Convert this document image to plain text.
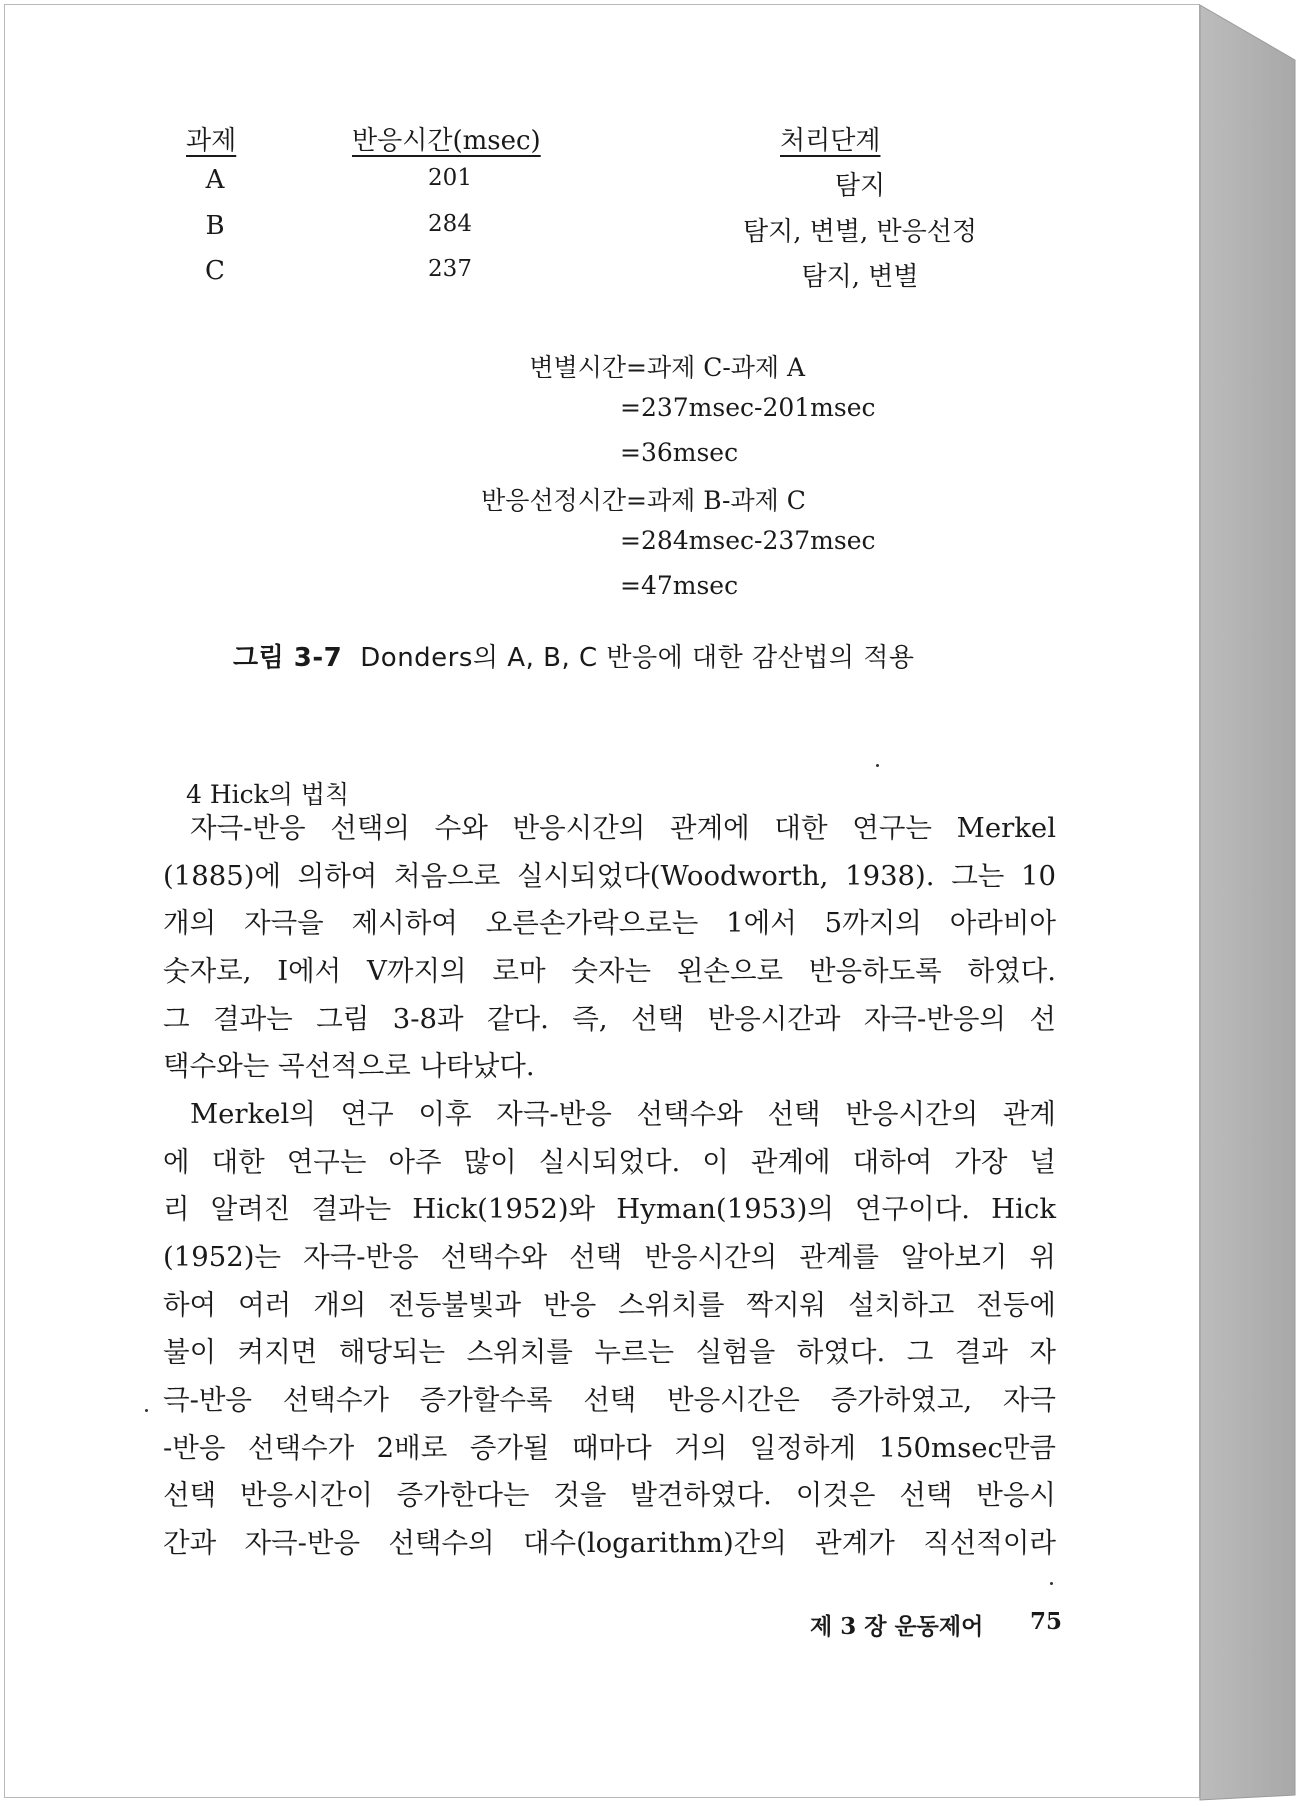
과제	반응시간(msec)	처리단계
A	201	탐지
B	284	탐지, 변별, 반응선정
C	237	탐지, 변별
변별시간 =과제 C-과제 A
=237msec-201msec
=36msec
반응선정시간 =과제 B-과제 C
=284msec-237msec
=47msec
그림 3-7 Donders의 A, B, C 반응에 대한 감산법의 적용
4 Hick의 법칙
자극-반응 선택의 수와 반응시간의 관계에 대한 연구는 Merkel
(1885)에 의하여 처음으로 실시되었다(Woodworth, 1938). 그는 10
개의 자극을 제시하여 오른손가락으로는 1에서 5까지의 아라비아
숫자로, I에서 V까지의 로마 숫자는 왼손으로 반응하도록 하였다.
그 결과는 그림 3-8과 같다. 즉, 선택 반응시간과 자극-반응의 선
택수와는 곡선적으로 나타났다.
Merkel의 연구 이후 자극-반응 선택수와 선택 반응시간의 관계
에 대한 연구는 아주 많이 실시되었다. 이 관계에 대하여 가장 널
리 알려진 결과는 Hick(1952)와 Hyman(1953)의 연구이다. Hick
(1952)는 자극-반응 선택수와 선택 반응시간의 관계를 알아보기 위
하여 여러 개의 전등불빛과 반응 스위치를 짝지워 설치하고 전등에
불이 켜지면 해당되는 스위치를 누르는 실험을 하였다. 그 결과 자
극-반응 선택수가 증가할수록 선택 반응시간은 증가하였고, 자극
-반응 선택수가 2배로 증가될 때마다 거의 일정하게 150msec만큼
선택 반응시간이 증가한다는 것을 발견하였다. 이것은 선택 반응시
간과 자극-반응 선택수의 대수(logarithm)간의 관계가 직선적이라
제 3 장 운동제어 75
